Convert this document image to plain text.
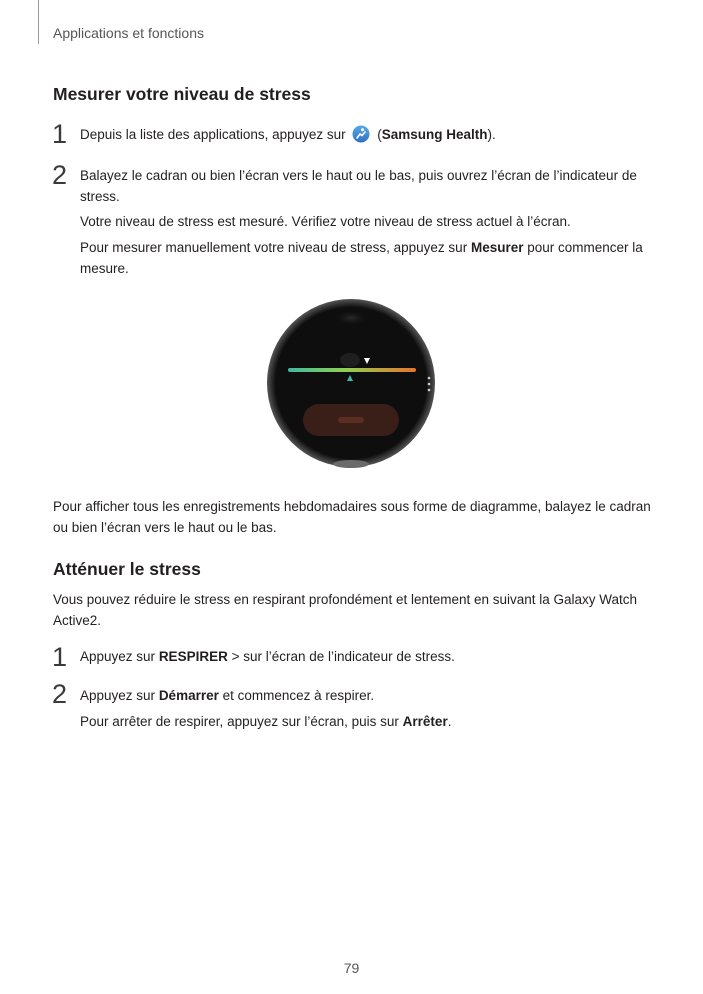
Applications et fonctions
Mesurer votre niveau de stress
1 Depuis la liste des applications, appuyez sur (Samsung Health).
2 Balayez le cadran ou bien l’écran vers le haut ou le bas, puis ouvrez l’écran de l’indicateur de stress.
Votre niveau de stress est mesuré. Vérifiez votre niveau de stress actuel à l’écran.
Pour mesurer manuellement votre niveau de stress, appuyez sur Mesurer pour commencer la mesure.
Pour afficher tous les enregistrements hebdomadaires sous forme de diagramme, balayez le cadran ou bien l’écran vers le haut ou le bas.
Atténuer le stress
Vous pouvez réduire le stress en respirant profondément et lentement en suivant la Galaxy Watch Active2.
1 Appuyez sur RESPIRER > sur l’écran de l’indicateur de stress.
2 Appuyez sur Démarrer et commencez à respirer.
Pour arrêter de respirer, appuyez sur l’écran, puis sur Arrêter.
79
